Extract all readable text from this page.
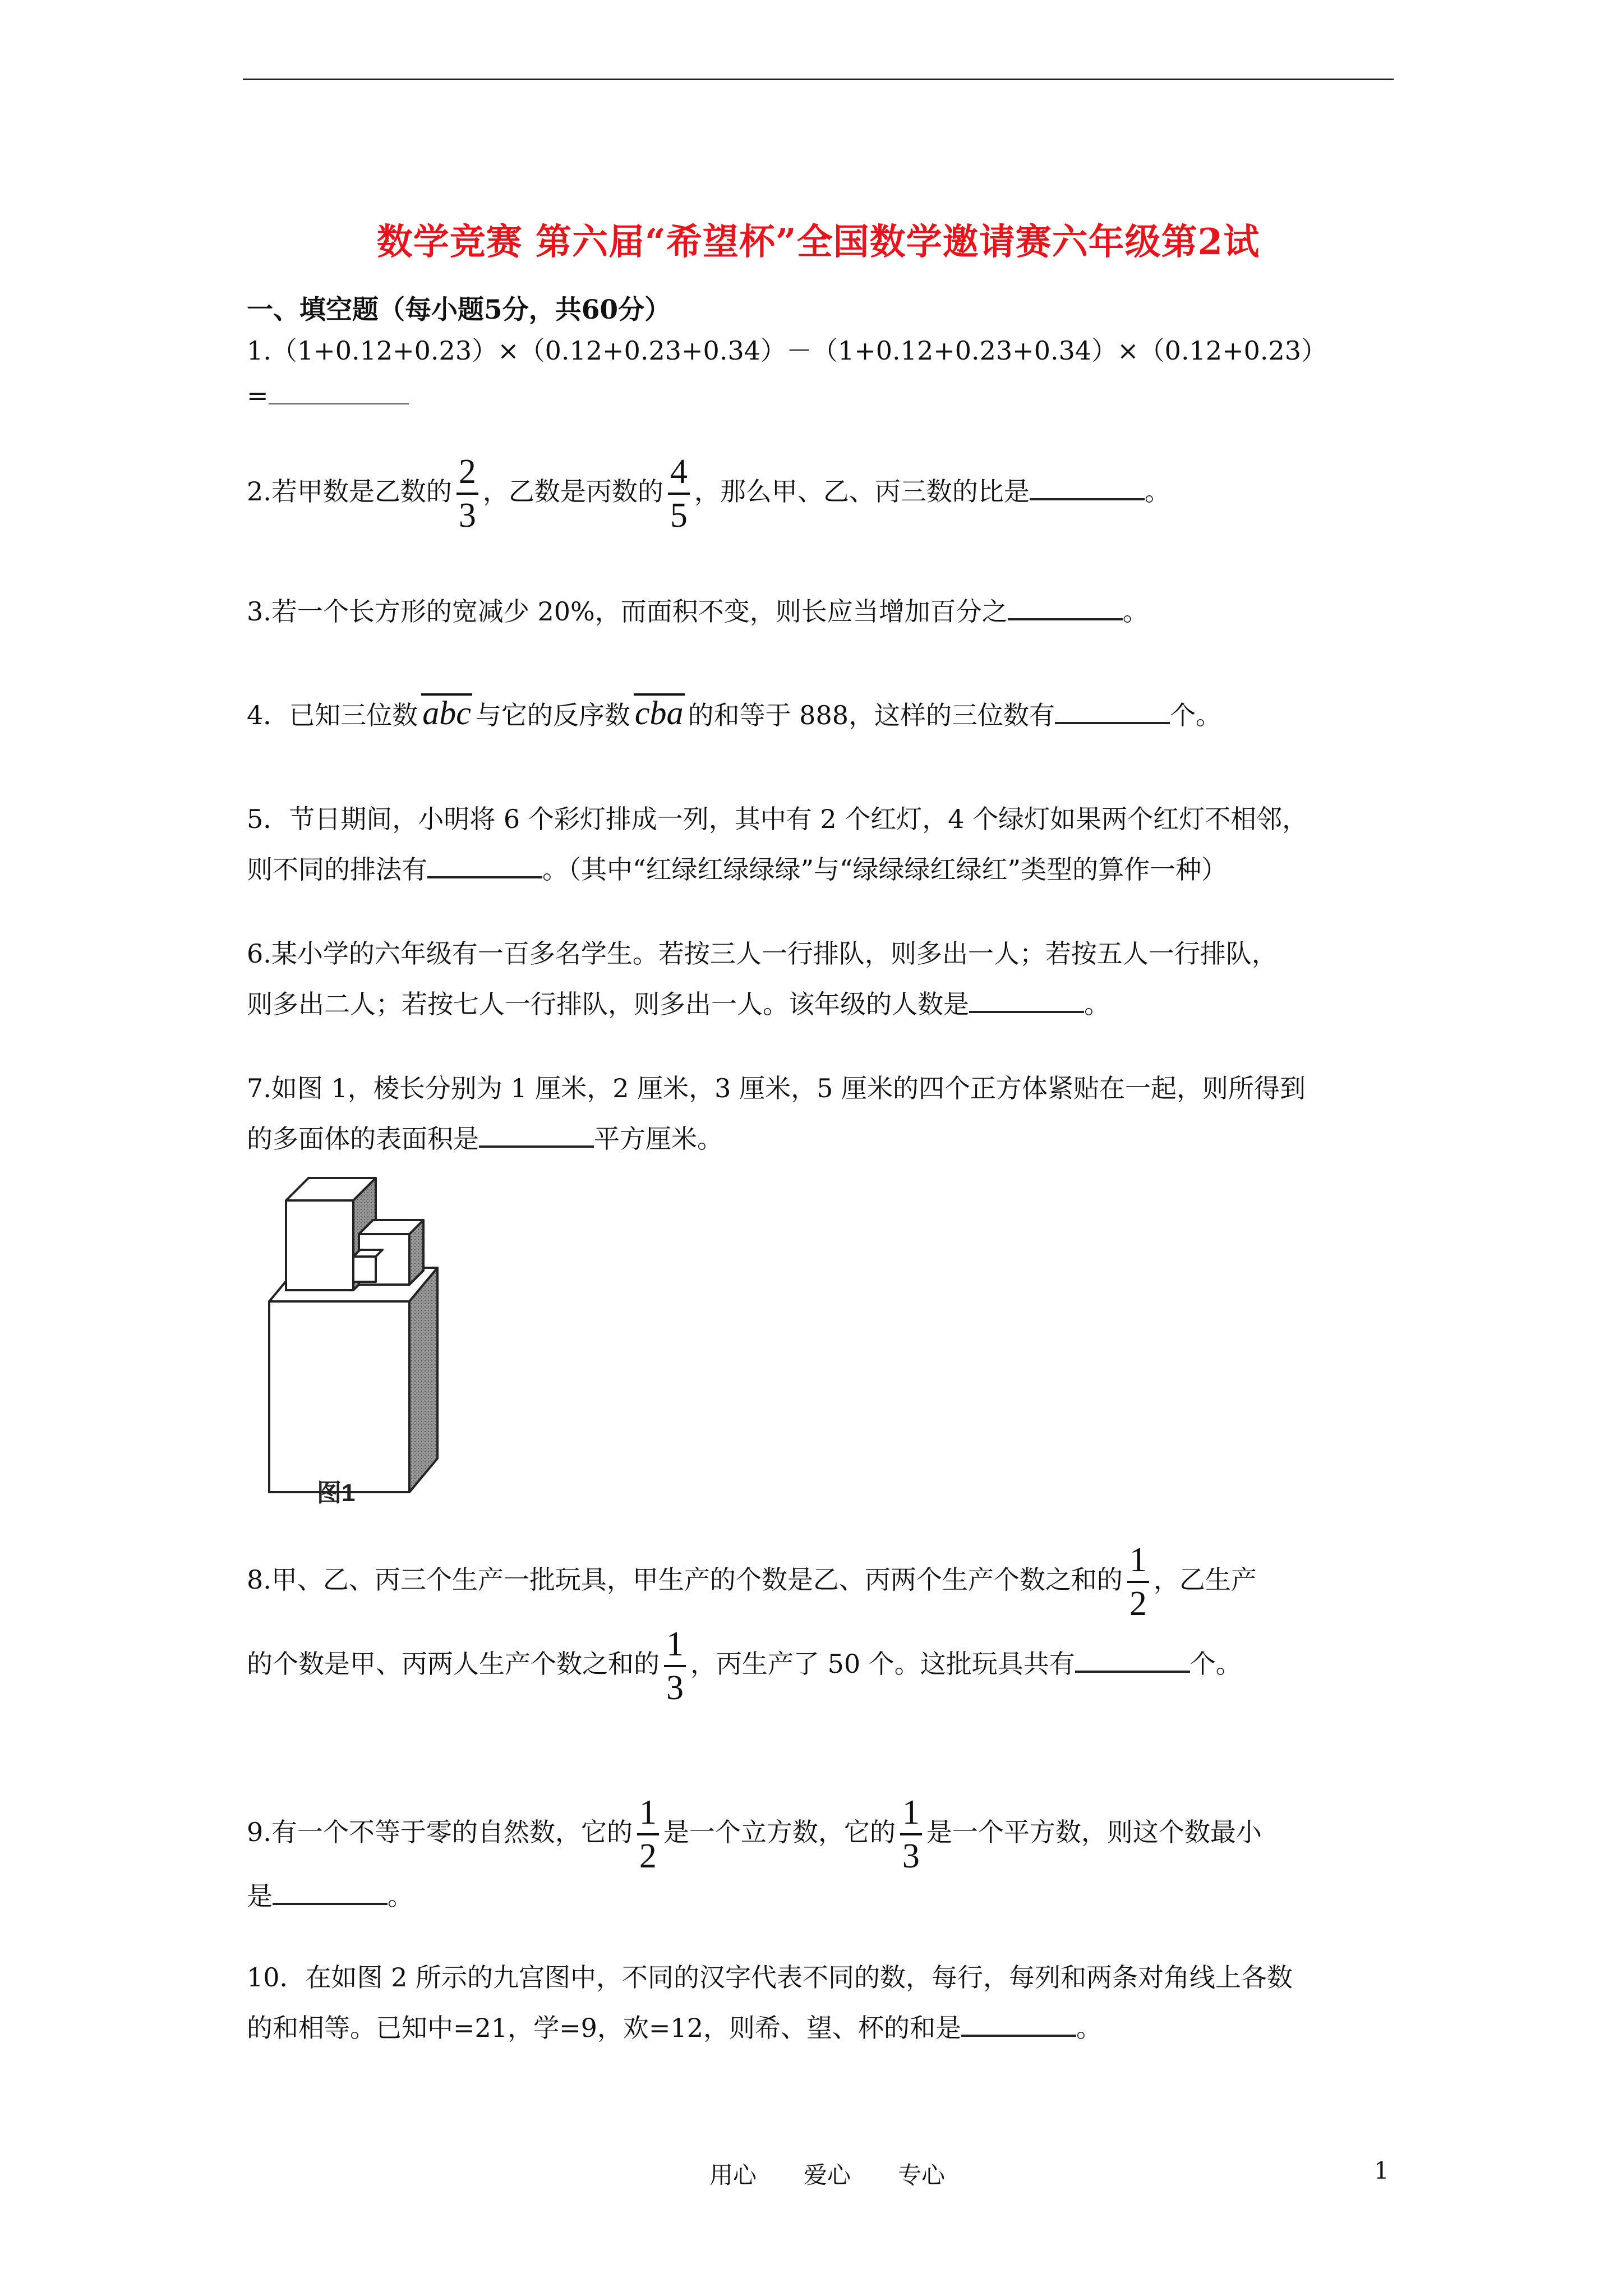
数学竞赛 第六届“希望杯”全国数学邀请赛六年级第2试
一、填空题（每小题5分，共60分）
1.（1+0.12+0.23）×（0.12+0.23+0.34）－（1+0.12+0.23+0.34）×（0.12+0.23）
=
2.若甲数是乙数的 $\frac{2}{3}$ ，乙数是丙数的 $\frac{4}{5}$ ，那么甲、乙、丙三数的比是	。
3.若一个长方形的宽减少 20%，而面积不变，则长应当增加百分之	。
4．已知三位数 abc 与它的反序数 cba 的和等于 888，这样的三位数有	个。
5．节日期间，小明将 6 个彩灯排成一列，其中有 2 个红灯，4 个绿灯如果两个红灯不相邻，
则不同的排法有	。（其中“红绿红绿绿绿”与“绿绿绿红绿红”类型的算作一种）
6.某小学的六年级有一百多名学生。若按三人一行排队，则多出一人；若按五人一行排队，
则多出二人；若按七人一行排队，则多出一人。该年级的人数是	。
7.如图 1，棱长分别为 1 厘米，2 厘米，3 厘米，5 厘米的四个正方体紧贴在一起，则所得到
的多面体的表面积是	平方厘米。
图1
8.甲、乙、丙三个生产一批玩具，甲生产的个数是乙、丙两个生产个数之和的 $\frac{1}{2}$ ，乙生产
的个数是甲、丙两人生产个数之和的 $\frac{1}{3}$ ，丙生产了 50 个。这批玩具共有	个。
9.有一个不等于零的自然数，它的 $\frac{1}{2}$ 是一个立方数，它的 $\frac{1}{3}$ 是一个平方数，则这个数最小
是	。
10．在如图 2 所示的九宫图中，不同的汉字代表不同的数，每行，每列和两条对角线上各数
的和相等。已知中=21，学=9，欢=12，则希、望、杯的和是	。
用心　　爱心　　专心	1
